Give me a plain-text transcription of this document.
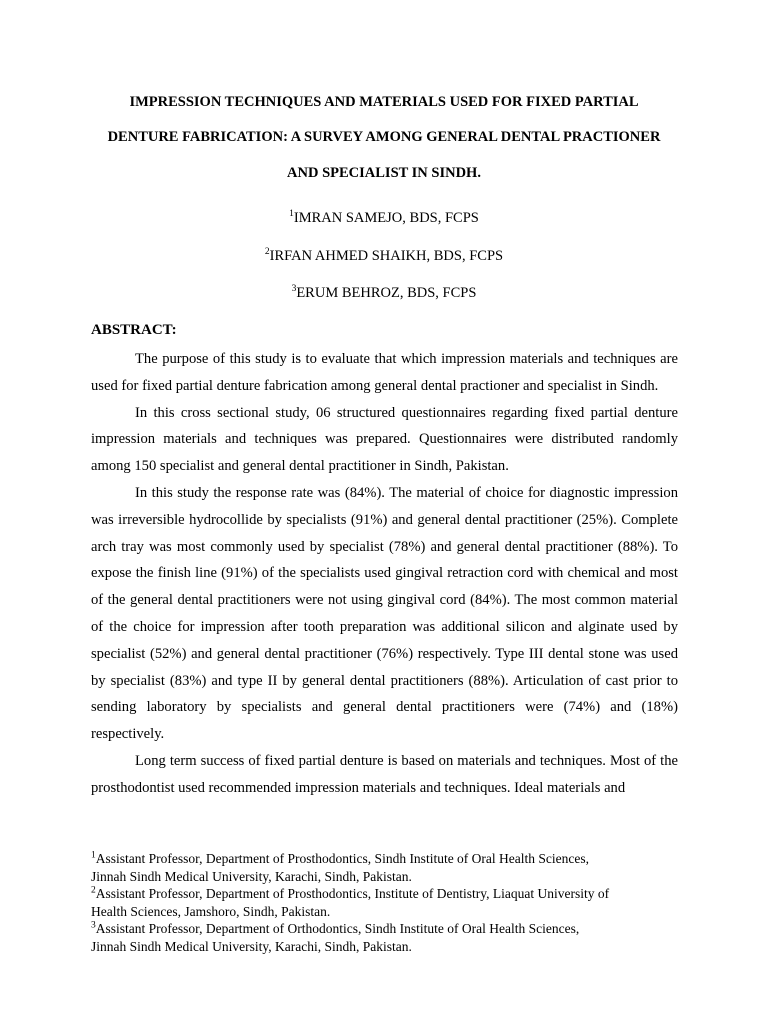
IMPRESSION TECHNIQUES AND MATERIALS USED FOR FIXED PARTIAL
DENTURE FABRICATION: A SURVEY AMONG GENERAL DENTAL PRACTIONER
AND SPECIALIST IN SINDH.
$^1$IMRAN SAMEJO, BDS, FCPS
$^2$IRFAN AHMED SHAIKH, BDS, FCPS
$^3$ERUM BEHROZ, BDS, FCPS
ABSTRACT:

The purpose of this study is to evaluate that which impression materials and techniques are used for fixed partial denture fabrication among general dental practioner and specialist in Sindh.

In this cross sectional study, 06 structured questionnaires regarding fixed partial denture impression materials and techniques was prepared. Questionnaires were distributed randomly among 150 specialist and general dental practitioner in Sindh, Pakistan.

In this study the response rate was (84%). The material of choice for diagnostic impression was irreversible hydrocollide by specialists (91%) and general dental practitioner (25%). Complete arch tray was most commonly used by specialist (78%) and general dental practitioner (88%). To expose the finish line (91%) of the specialists used gingival retraction cord with chemical and most of the general dental practitioners were not using gingival cord (84%). The most common material of the choice for impression after tooth preparation was additional silicon and alginate used by specialist (52%) and general dental practitioner (76%) respectively. Type III dental stone was used by specialist (83%) and type II by general dental practitioners (88%). Articulation of cast prior to sending laboratory by specialists and general dental practitioners were (74%) and (18%) respectively.

Long term success of fixed partial denture is based on materials and techniques. Most of the prosthodontist used recommended impression materials and techniques. Ideal materials and

$^1$Assistant Professor, Department of Prosthodontics, Sindh Institute of Oral Health Sciences,
Jinnah Sindh Medical University, Karachi, Sindh, Pakistan.
$^2$Assistant Professor, Department of Prosthodontics, Institute of Dentistry, Liaquat University of
Health Sciences, Jamshoro, Sindh, Pakistan.
$^3$Assistant Professor, Department of Orthodontics, Sindh Institute of Oral Health Sciences,
Jinnah Sindh Medical University, Karachi, Sindh, Pakistan.
